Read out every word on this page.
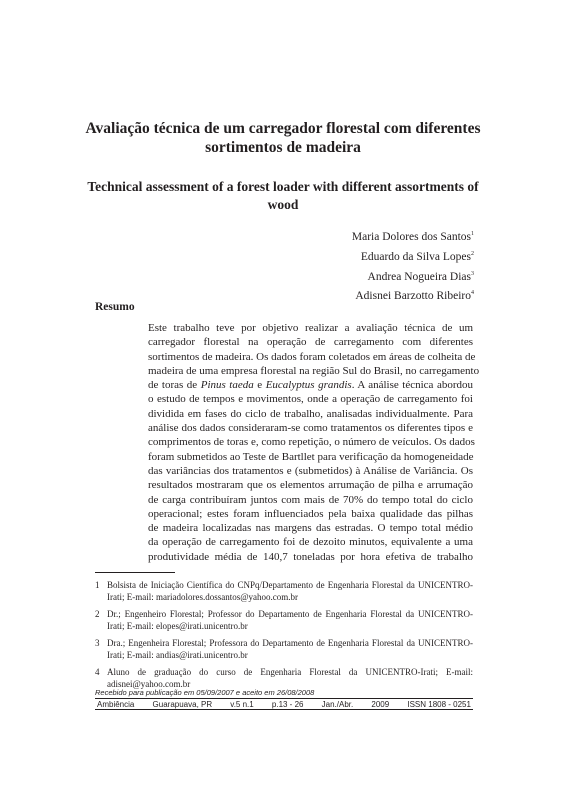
Avaliação técnica de um carregador florestal com diferentes sortimentos de madeira
Technical assessment of a forest loader with different assortments of wood
Maria Dolores dos Santos$^1$
Eduardo da Silva Lopes$^2$
Andrea Nogueira Dias$^3$
Adisnei Barzotto Ribeiro$^4$
Resumo
Este trabalho teve por objetivo realizar a avaliação técnica de um
carregador florestal na operação de carregamento com diferentes
sortimentos de madeira. Os dados foram coletados em áreas de colheita de
madeira de uma empresa florestal na região Sul do Brasil, no carregamento
de toras de Pinus taeda e Eucalyptus grandis. A análise técnica abordou
o estudo de tempos e movimentos, onde a operação de carregamento foi
dividida em fases do ciclo de trabalho, analisadas individualmente. Para
análise dos dados consideraram-se como tratamentos os diferentes tipos e
comprimentos de toras e, como repetição, o número de veículos. Os dados
foram submetidos ao Teste de Bartllet para verificação da homogeneidade
das variâncias dos tratamentos e (submetidos) à Análise de Variância. Os
resultados mostraram que os elementos arrumação de pilha e arrumação
de carga contribuíram juntos com mais de 70% do tempo total do ciclo
operacional; estes foram influenciados pela baixa qualidade das pilhas
de madeira localizadas nas margens das estradas. O tempo total médio
da operação de carregamento foi de dezoito minutos, equivalente a uma
produtividade média de 140,7 toneladas por hora efetiva de trabalho
1 Bolsista de Iniciação Científica do CNPq/Departamento de Engenharia Florestal da UNICENTRO-Irati; E-mail: mariadolores.dossantos@yahoo.com.br
2 Dr.; Engenheiro Florestal; Professor do Departamento de Engenharia Florestal da UNICENTRO-Irati; E-mail: elopes@irati.unicentro.br
3 Dra.; Engenheira Florestal; Professora do Departamento de Engenharia Florestal da UNICENTRO-Irati; E-mail: andias@irati.unicentro.br
4 Aluno de graduação do curso de Engenharia Florestal da UNICENTRO-Irati; E-mail: adisnei@yahoo.com.br
Recebido para publicação em 05/09/2007 e aceito em 26/08/2008
Ambiência Guarapuava, PR v.5 n.1 p.13 - 26 Jan./Abr. 2009 ISSN 1808 - 0251
